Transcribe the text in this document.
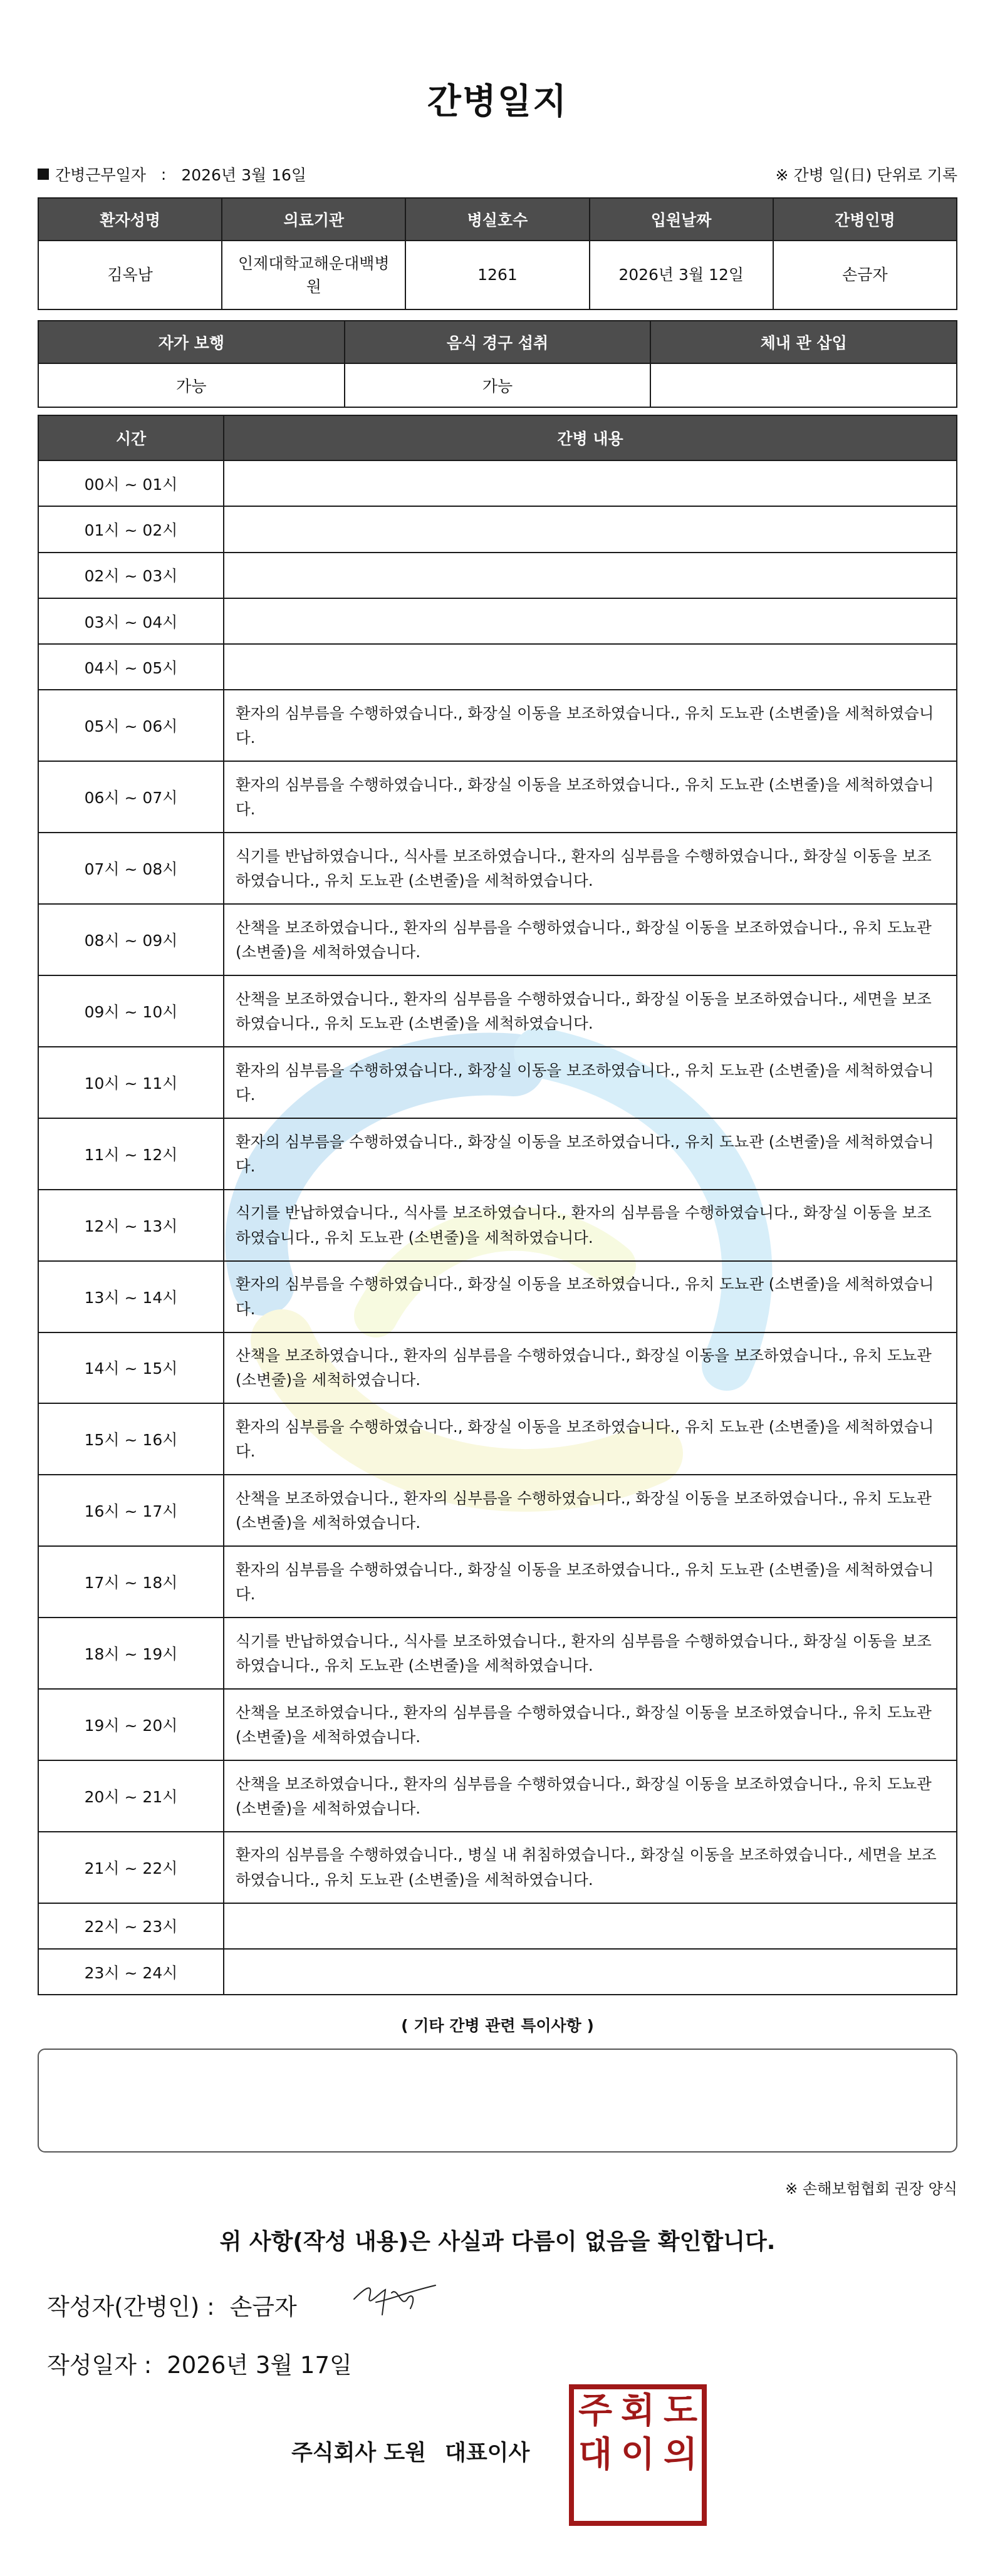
간병일지
간병근무일자 : 2026년 3월 16일	※ 간병 일(日) 단위로 기록
환자성명	의료기관	병실호수	입원날짜	간병인명
김옥남	인제대학교해운대백병원	1261	2026년 3월 12일	손금자
자가 보행	음식 경구 섭취	체내 관 삽입
가능	가능	
시간	간병 내용
00시 ~ 01시	
01시 ~ 02시	
02시 ~ 03시	
03시 ~ 04시	
04시 ~ 05시	
05시 ~ 06시	환자의 심부름을 수행하였습니다., 화장실 이동을 보조하였습니다., 유치 도뇨관 (소변줄)을 세척하였습니다.
06시 ~ 07시	환자의 심부름을 수행하였습니다., 화장실 이동을 보조하였습니다., 유치 도뇨관 (소변줄)을 세척하였습니다.
07시 ~ 08시	식기를 반납하였습니다., 식사를 보조하였습니다., 환자의 심부름을 수행하였습니다., 화장실 이동을 보조하였습니다., 유치 도뇨관 (소변줄)을 세척하였습니다.
08시 ~ 09시	산책을 보조하였습니다., 환자의 심부름을 수행하였습니다., 화장실 이동을 보조하였습니다., 유치 도뇨관 (소변줄)을 세척하였습니다.
09시 ~ 10시	산책을 보조하였습니다., 환자의 심부름을 수행하였습니다., 화장실 이동을 보조하였습니다., 세면을 보조하였습니다., 유치 도뇨관 (소변줄)을 세척하였습니다.
10시 ~ 11시	환자의 심부름을 수행하였습니다., 화장실 이동을 보조하였습니다., 유치 도뇨관 (소변줄)을 세척하였습니다.
11시 ~ 12시	환자의 심부름을 수행하였습니다., 화장실 이동을 보조하였습니다., 유치 도뇨관 (소변줄)을 세척하였습니다.
12시 ~ 13시	식기를 반납하였습니다., 식사를 보조하였습니다., 환자의 심부름을 수행하였습니다., 화장실 이동을 보조하였습니다., 유치 도뇨관 (소변줄)을 세척하였습니다.
13시 ~ 14시	환자의 심부름을 수행하였습니다., 화장실 이동을 보조하였습니다., 유치 도뇨관 (소변줄)을 세척하였습니다.
14시 ~ 15시	산책을 보조하였습니다., 환자의 심부름을 수행하였습니다., 화장실 이동을 보조하였습니다., 유치 도뇨관 (소변줄)을 세척하였습니다.
15시 ~ 16시	환자의 심부름을 수행하였습니다., 화장실 이동을 보조하였습니다., 유치 도뇨관 (소변줄)을 세척하였습니다.
16시 ~ 17시	산책을 보조하였습니다., 환자의 심부름을 수행하였습니다., 화장실 이동을 보조하였습니다., 유치 도뇨관 (소변줄)을 세척하였습니다.
17시 ~ 18시	환자의 심부름을 수행하였습니다., 화장실 이동을 보조하였습니다., 유치 도뇨관 (소변줄)을 세척하였습니다.
18시 ~ 19시	식기를 반납하였습니다., 식사를 보조하였습니다., 환자의 심부름을 수행하였습니다., 화장실 이동을 보조하였습니다., 유치 도뇨관 (소변줄)을 세척하였습니다.
19시 ~ 20시	산책을 보조하였습니다., 환자의 심부름을 수행하였습니다., 화장실 이동을 보조하였습니다., 유치 도뇨관 (소변줄)을 세척하였습니다.
20시 ~ 21시	산책을 보조하였습니다., 환자의 심부름을 수행하였습니다., 화장실 이동을 보조하였습니다., 유치 도뇨관 (소변줄)을 세척하였습니다.
21시 ~ 22시	환자의 심부름을 수행하였습니다., 병실 내 취침하였습니다., 화장실 이동을 보조하였습니다., 세면을 보조하였습니다., 유치 도뇨관 (소변줄)을 세척하였습니다.
22시 ~ 23시	
23시 ~ 24시	
( 기타 간병 관련 특이사항 )
※ 손해보험협회 권장 양식
위 사항(작성 내용)은 사실과 다름이 없음을 확인합니다.
작성자(간병인) : 손금자
작성일자 : 2026년 3월 17일
주식회사 도원 대표이사
주 회 도
대 이 의
